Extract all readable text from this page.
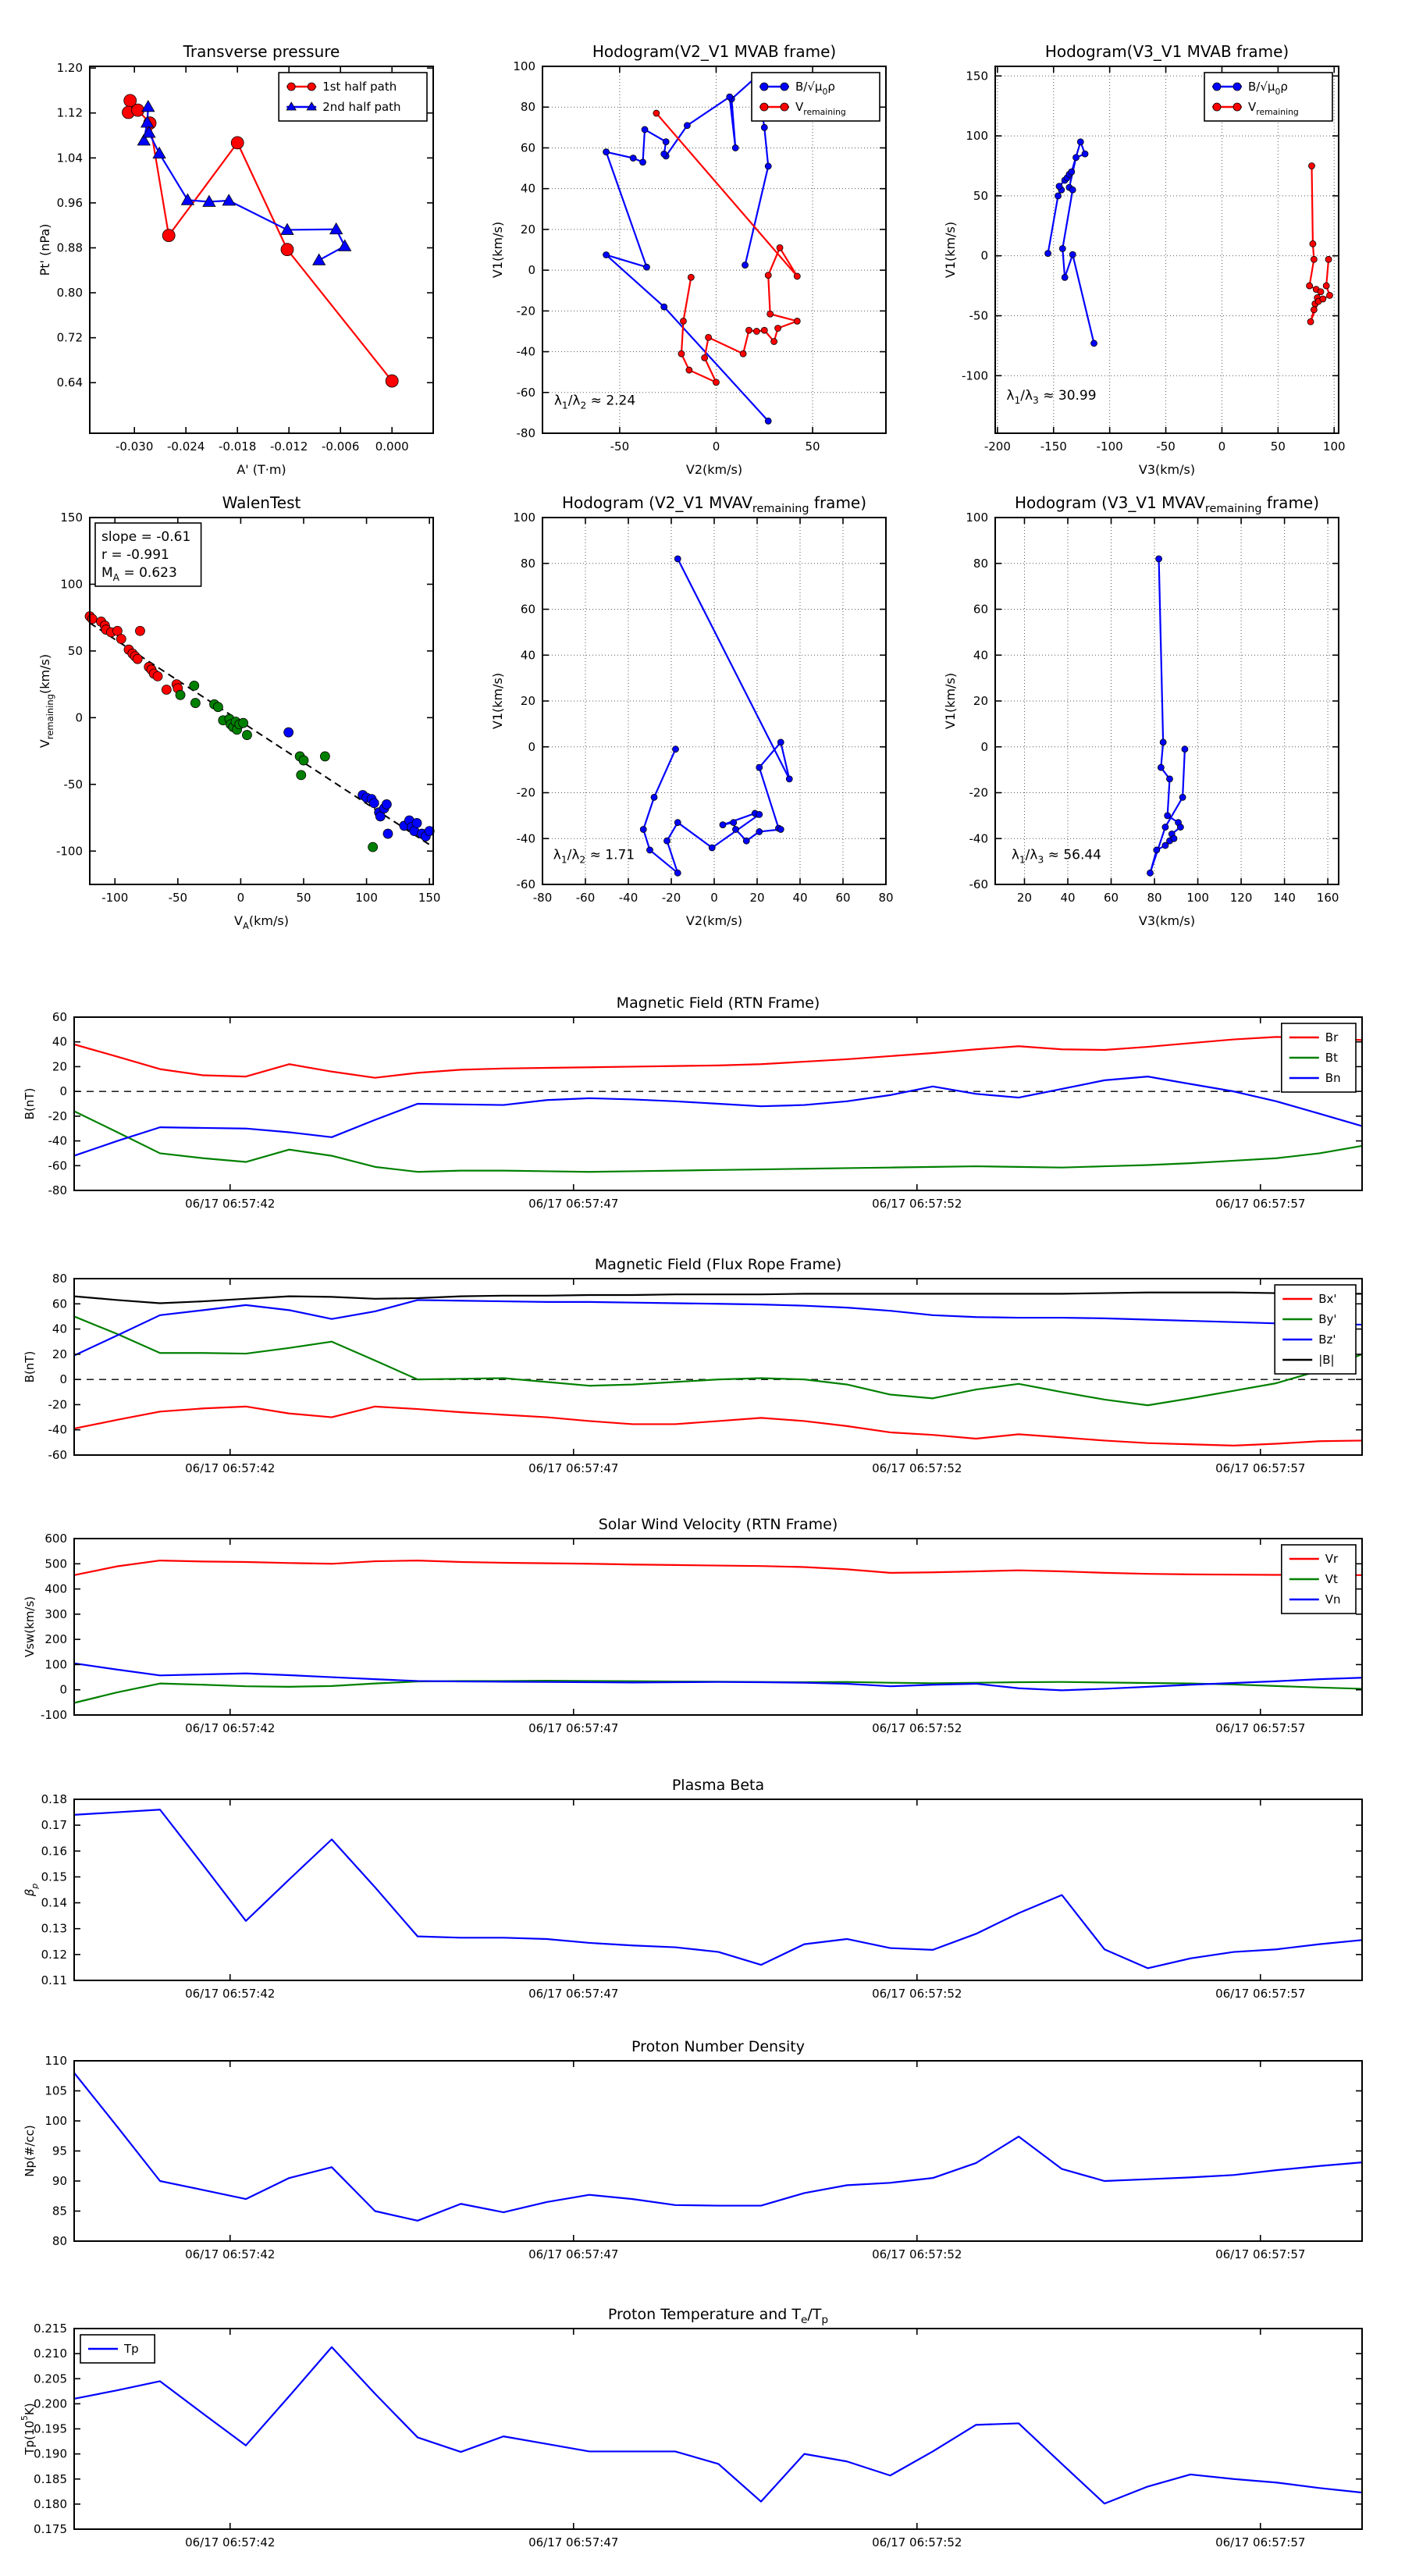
-0.030 -0.024 -0.018 -0.012 -0.006 0.000
0.64
0.72
0.80
0.88
0.96
1.04
1.12
1.20
Transverse pressure
A' (T·m)
Pt' (nPa)
1st half path
2nd half path
-50	0	50
-80
-60
-40
-20
0
20
40
60
80
100
Hodogram(V2_V1 MVAB frame)
V2(km/s)
V1(km/s)
$\lambda_1/\lambda_2 \approx 2.24$
$B/√\mu_0\rho$
$V_{remaining}$
-200	-150	-100	-50	0	50	100
-100
-50
0
50
100
150
Hodogram(V3_V1 MVAB frame)
V3(km/s)
V1(km/s)
$\lambda_1/\lambda_3 \approx 30.99$
$B/√\mu_0\rho$
$V_{remaining}$
-100	-50	0	50	100	150
-100
-50
0
50
100
150
WalenTest
$V_A(km/s)$
$V_{remaining}(km/s)$
slope = -0.61
r = -0.991
$M_A = 0.623$
-80 -60 -40 -20	0	20 40 60 80
-60
-40
-20
0
20
40
60
80
100
Hodogram (V2_V1 $MVAV_{remaining}$ frame)
V2(km/s)
V1(km/s)
$\lambda_1/\lambda_2 \approx 1.71$
20 40 60 80 100 120 140 160
-60
-40
-20
0
20
40
60
80
100
Hodogram (V3_V1 $MVAV_{remaining}$ frame)
V3(km/s)
V1(km/s)
$\lambda_1/\lambda_3 \approx 56.44$
06/17 06:57:42	06/17 06:57:47	06/17 06:57:52	06/17 06:57:57
-80
-60
-40
-20
0
20
40
60
Magnetic Field (RTN Frame)
B(nT)
Br
Bt
Bn
06/17 06:57:42	06/17 06:57:47	06/17 06:57:52	06/17 06:57:57
-60
-40
-20
0
20
40
60
80
Magnetic Field (Flux Rope Frame)
B(nT)
Bx'
By'
Bz'
|B|
06/17 06:57:42	06/17 06:57:47	06/17 06:57:52	06/17 06:57:57
-100
0
100
200
300
400
500
600
Solar Wind Velocity (RTN Frame)
Vsw(km/s)
Vr
Vt
Vn
06/17 06:57:42	06/17 06:57:47	06/17 06:57:52	06/17 06:57:57
0.11
0.12
0.13
0.14
0.15
0.16
0.17
0.18
Plasma Beta
$\beta_p$
06/17 06:57:42	06/17 06:57:47	06/17 06:57:52	06/17 06:57:57
80
85
90
95
100
105
110
Proton Number Density
Np(#/cc)
06/17 06:57:42	06/17 06:57:47	06/17 06:57:52	06/17 06:57:57
0.175
0.180
0.185
0.190
0.195
0.200
0.205
0.210
0.215
Proton Temperature and $T_e/T_p$
$Tp(10^5K)$
Tp
